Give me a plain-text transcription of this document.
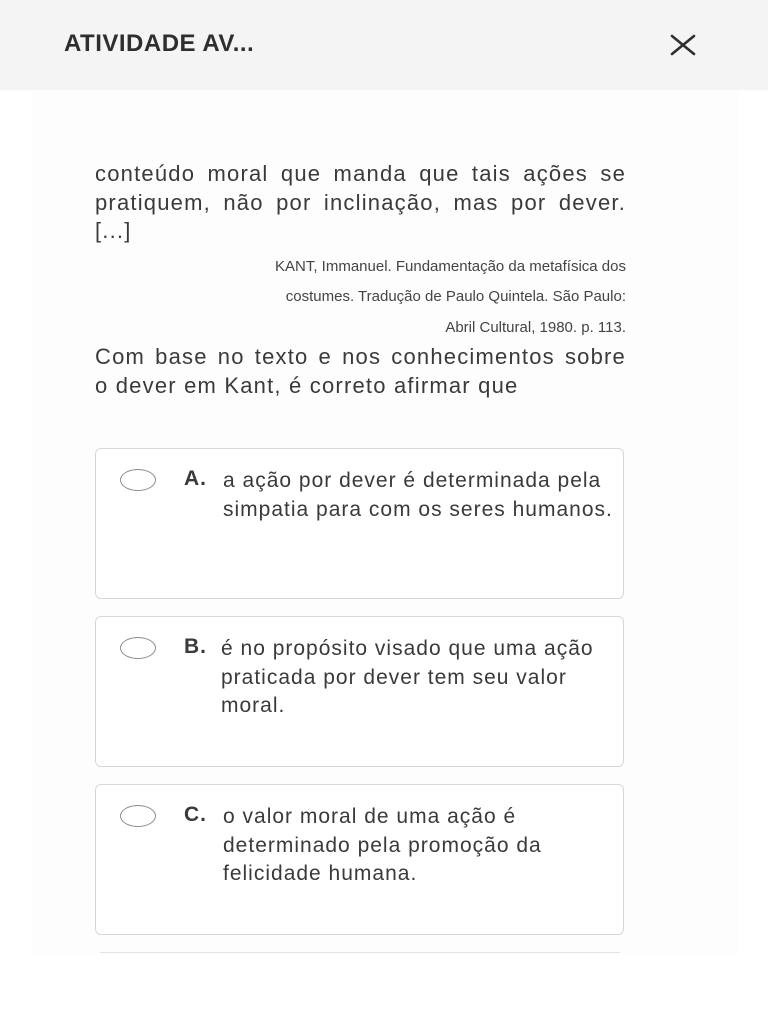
ATIVIDADE AV...

conteúdo moral que manda que tais ações se pratiquem, não por inclinação, mas por dever. [...]

KANT, Immanuel. Fundamentação da metafísica dos
costumes. Tradução de Paulo Quintela. São Paulo:
Abril Cultural, 1980. p. 113.

Com base no texto e nos conhecimentos sobre o dever em Kant, é correto afirmar que

A. a ação por dever é determinada pela simpatia para com os seres humanos.
B. é no propósito visado que uma ação praticada por dever tem seu valor moral.
C. o valor moral de uma ação é determinado pela promoção da felicidade humana.
